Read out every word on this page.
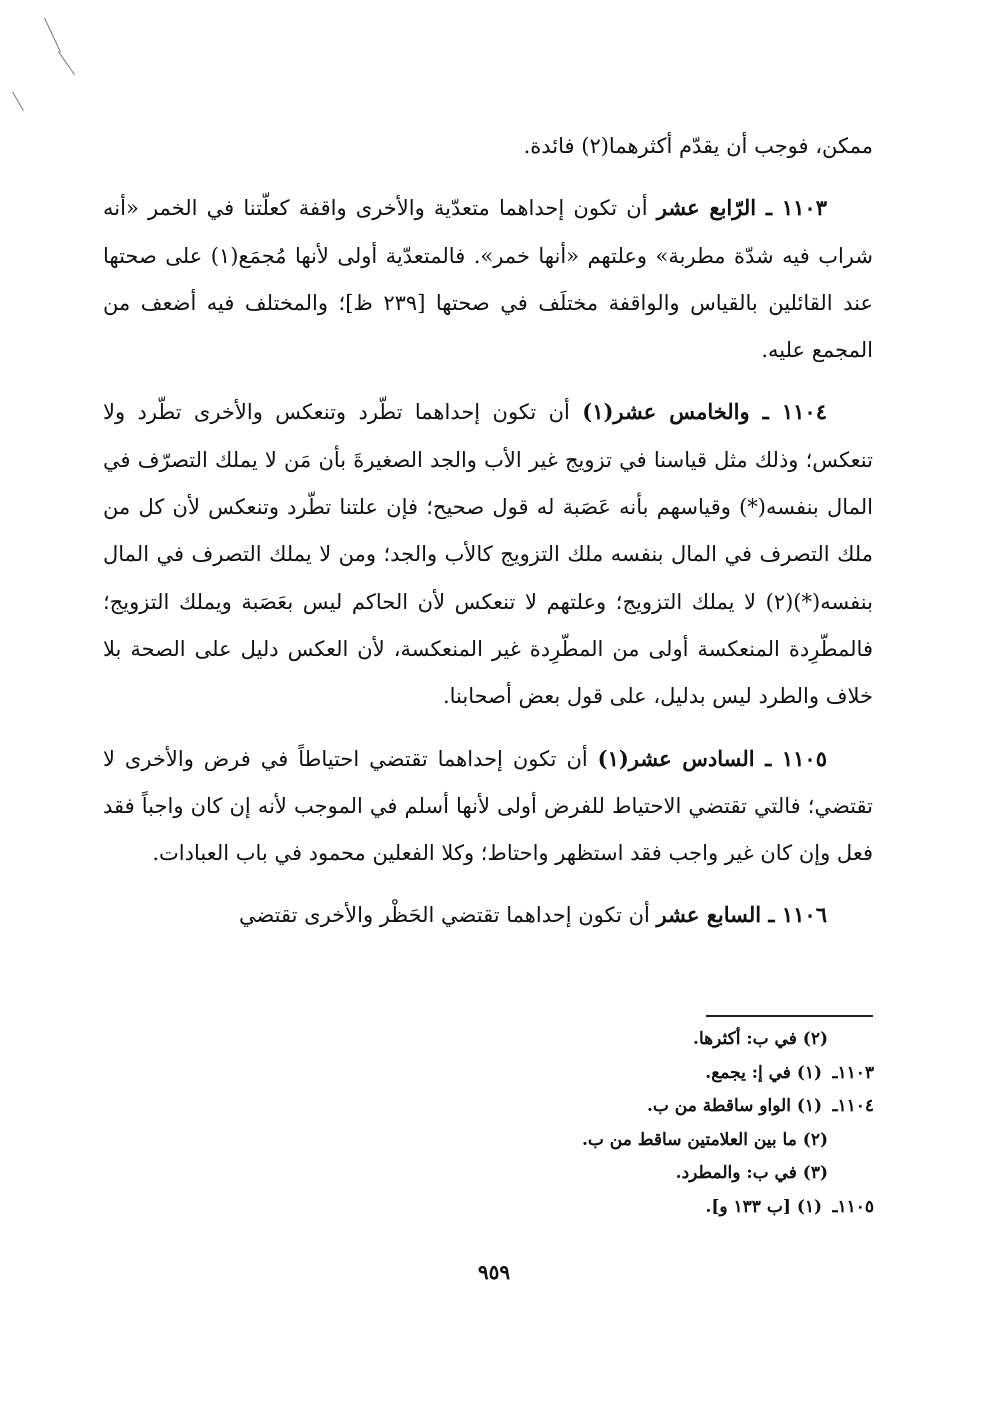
ممكن، فوجب أن يقدّم أكثرهما(٢) فائدة.

١١٠٣ ـ الرّابع عشر أن تكون إحداهما متعدّية والأخرى واقفة كعلّتنا في الخمر «أنه شراب فيه شدّة مطربة» وعلتهم «أنها خمر». فالمتعدّية أولى لأنها مُجمَع(١) على صحتها عند القائلين بالقياس والواقفة مختلَف في صحتها [٢٣٩ ظ]؛ والمختلف فيه أضعف من المجمع عليه.

١١٠٤ ـ والخامس عشر(١) أن تكون إحداهما تطّرد وتنعكس والأخرى تطّرد ولا تنعكس؛ وذلك مثل قياسنا في تزويج غير الأب والجد الصغيرةَ بأن مَن لا يملك التصرّف في المال بنفسه(*) وقياسهم بأنه عَصَبة له قول صحيح؛ فإن علتنا تطّرد وتنعكس لأن كل من ملك التصرف في المال بنفسه ملك التزويج كالأب والجد؛ ومن لا يملك التصرف في المال بنفسه(*)(٢) لا يملك التزويج؛ وعلتهم لا تنعكس لأن الحاكم ليس بعَصَبة ويملك التزويج؛ فالمطّرِدة المنعكسة أولى من المطّرِدة غير المنعكسة، لأن العكس دليل على الصحة بلا خلاف والطرد ليس بدليل، على قول بعض أصحابنا.

١١٠٥ ـ السادس عشر(١) أن تكون إحداهما تقتضي احتياطاً في فرض والأخرى لا تقتضي؛ فالتي تقتضي الاحتياط للفرض أولى لأنها أسلم في الموجب لأنه إن كان واجباً فقد فعل وإن كان غير واجب فقد استظهر واحتاط؛ وكلا الفعلين محمود في باب العبادات.

١١٠٦ ـ السابع عشر أن تكون إحداهما تقتضي الحَظْر والأخرى تقتضي

(٢) في ب: أكثرها.
١١٠٣ـ (١) في إ: يجمع.
١١٠٤ـ (١) الواو ساقطة من ب.
(٢) ما بين العلامتين ساقط من ب.
(٣) في ب: والمطرد.
١١٠٥ـ (١) [ب ١٣٣ و].
٩٥٩
